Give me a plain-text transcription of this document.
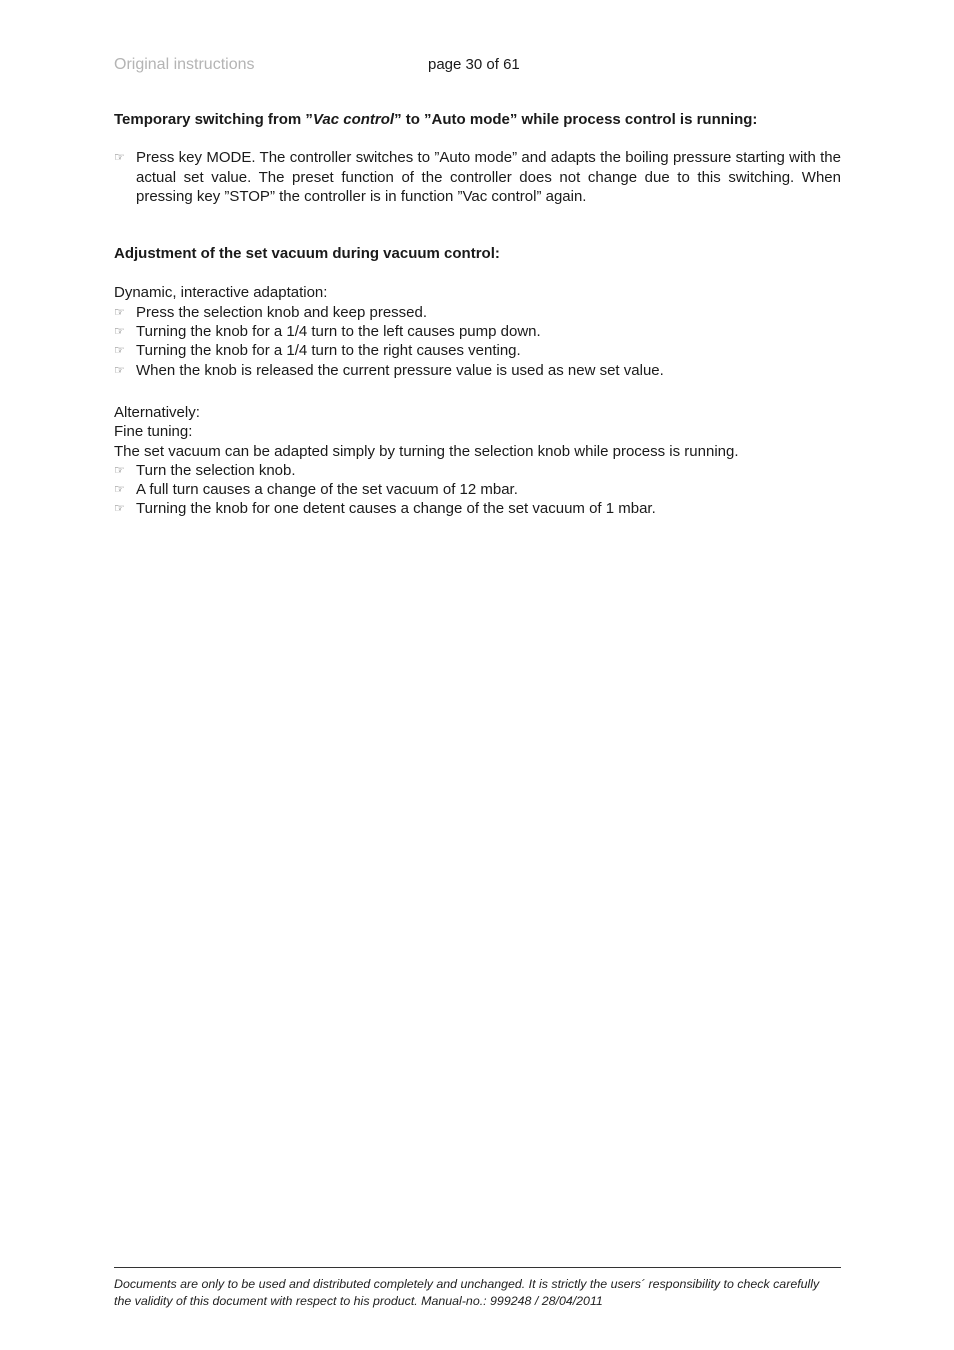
Original instructions	page 30 of 61
Temporary switching from ”Vac control” to ”Auto mode” while process control is running:
☞ Press key MODE. The controller switches to ”Auto mode” and adapts the boiling pressure starting with the actual set value. The preset function of the controller does not change due to this switching. When pressing key ”STOP” the controller is in function ”Vac control” again.
Adjustment of the set vacuum during vacuum control:

Dynamic, interactive adaptation:

☞ Press the selection knob and keep pressed.
☞ Turning the knob for a 1/4 turn to the left causes pump down.
☞ Turning the knob for a 1/4 turn to the right causes venting.
☞ When the knob is released the current pressure value is used as new set value.

Alternatively:

Fine tuning:

The set vacuum can be adapted simply by turning the selection knob while process is running.

☞ Turn the selection knob.
☞ A full turn causes a change of the set vacuum of 12 mbar.
☞ Turning the knob for one detent causes a change of the set vacuum of 1 mbar.
Documents are only to be used and distributed completely and unchanged. It is strictly the users´ responsibility to check carefully
the validity of this document with respect to his product. Manual-no.: 999248 / 28/04/2011
